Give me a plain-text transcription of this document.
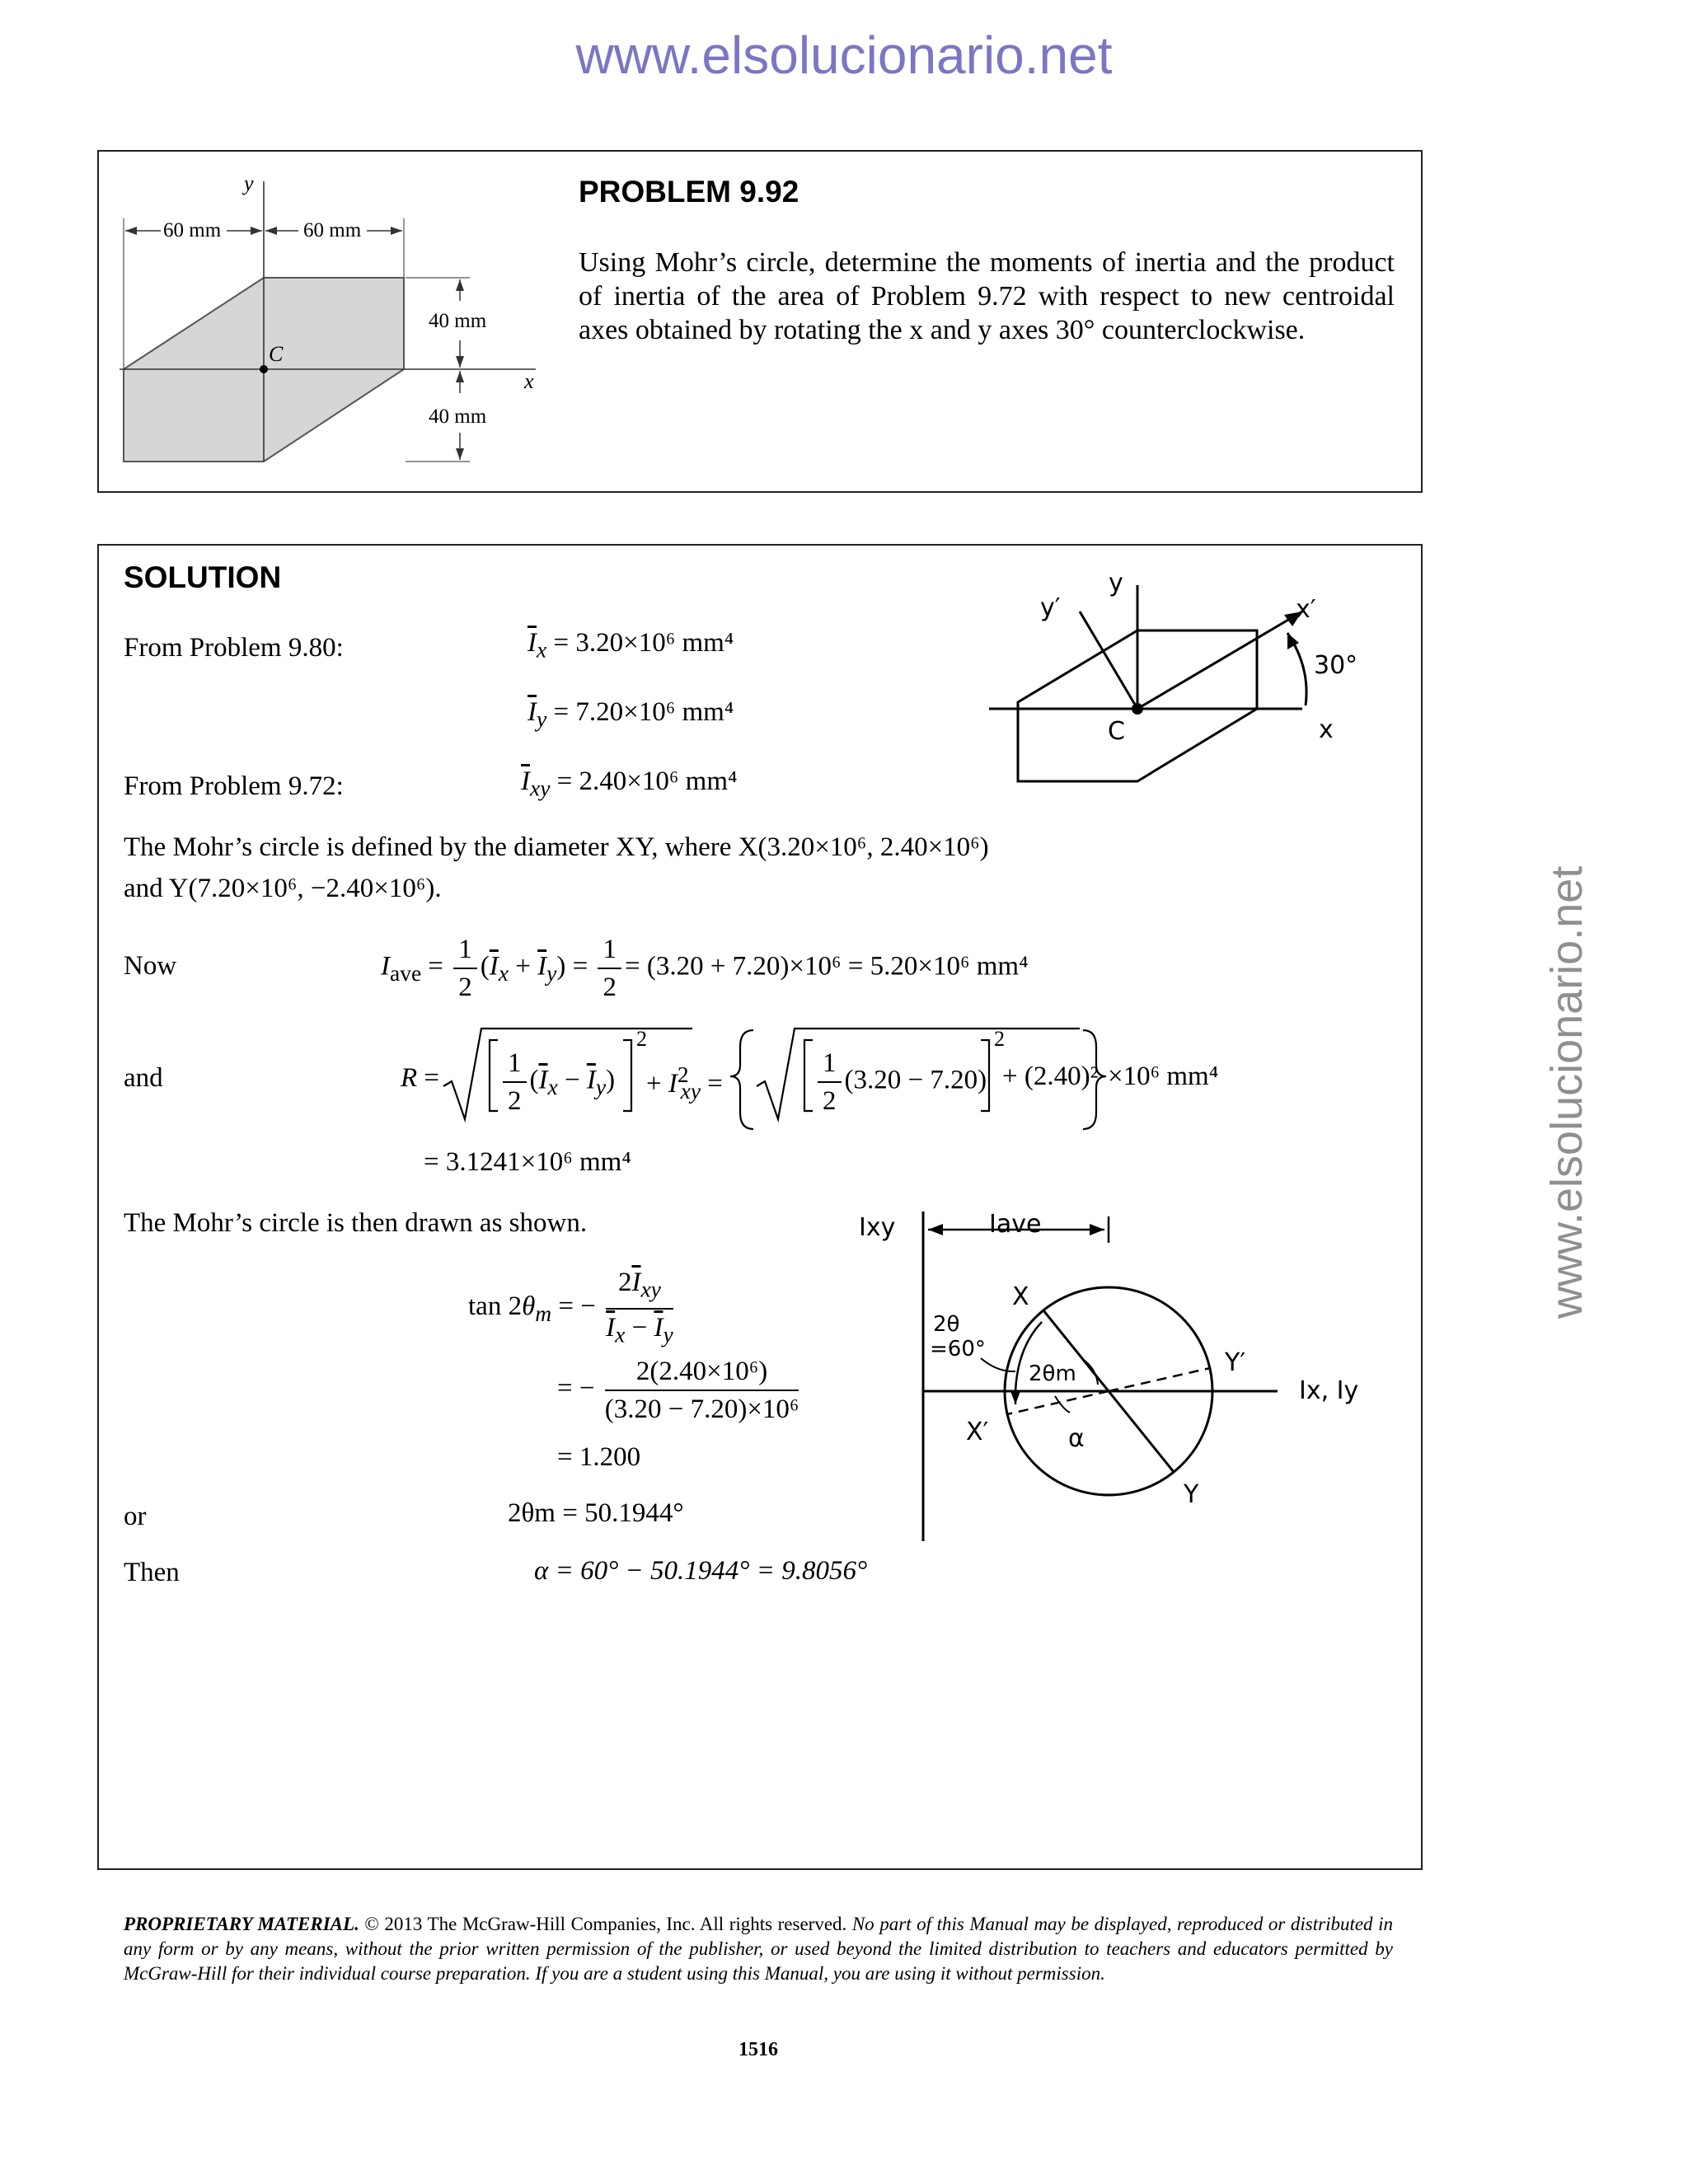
www.elsolucionario.net
www.elsolucionario.net
y
x
C
60 mm	60 mm
40 mm
40 mm
PROBLEM 9.92
Using Mohr’s circle, determine the moments of inertia and the product of inertia of the area of Problem 9.72 with respect to new centroidal axes obtained by rotating the x and y axes 30° counterclockwise.
SOLUTION
From Problem 9.80:	$\overline{I}_x = 3.20\times 10^6$ mm⁴
$\overline{I}_y = 7.20\times 10^6$ mm⁴
From Problem 9.72:	$\overline{I}_{xy} = 2.40\times 10^6$ mm⁴
The Mohr’s circle is defined by the diameter XY, where X(3.20×10⁶, 2.40×10⁶)
and Y(7.20×10⁶, −2.40×10⁶).
Now	$I_{ave} = \frac{1}{2} (\overline{I}_x + \overline{I}_y) = \frac{1}{2} = (3.20 + 7.20)\times 10^6 = 5.20\times 10^6$ mm⁴
and	$R = \frac{1}{2} (\overline{I}_x - \overline{I}_y)$
2
+ $I^2_{xy}$ =	$\frac{1}{2} (3.20 - 7.20)$
2
+ (2.40)² ×10⁶ mm⁴
= 3.1241×10⁶ mm⁴
The Mohr’s circle is then drawn as shown.
$\tan 2\theta_m$ = − $\frac{2\overline{I}_{xy}}{\overline{I}_x - \overline{I}_y}$
= − $\frac{\text{2(2.40×10⁶)}}{\text{(3.20 − 7.20)×10⁶}}$
= 1.200
or	2θm = 50.1944°
Then	α = 60° − 50.1944° = 9.8056°
y
y′	x′
30°
C	x
Ixy	Iave
Ix, Iy
X
Y
X′
Y′
2θ
=60°
2θm
α
PROPRIETARY MATERIAL. © 2013 The McGraw-Hill Companies, Inc. All rights reserved. No part of this Manual may be displayed, reproduced or distributed in any form or by any means, without the prior written permission of the publisher, or used beyond the limited distribution to teachers and educators permitted by McGraw-Hill for their individual course preparation. If you are a student using this Manual, you are using it without permission.
1516
